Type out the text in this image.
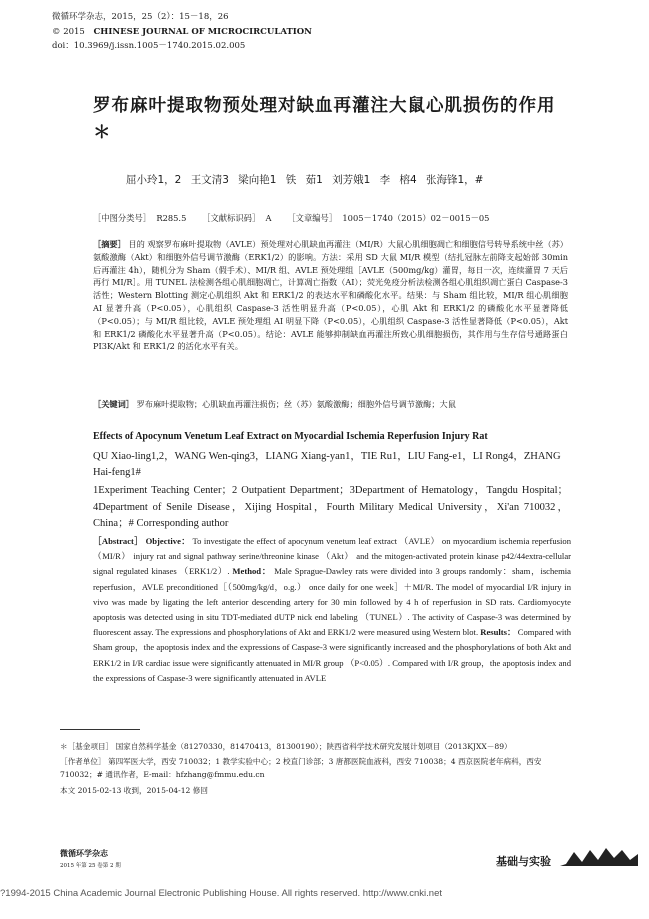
微循环学杂志，2015，25（2）：15－18，26
© 2015 CHINESE JOURNAL OF MICROCIRCULATION
doi：10.3969/j.issn.1005－1740.2015.02.005
罗布麻叶提取物预处理对缺血再灌注大鼠心肌损伤的作用＊
屈小玲1，2 王文清3 梁向艳1 铁 茹1 刘芳娥1 李 榕4 张海锋1，#
［中图分类号］  R285.5      ［文献标识码］  A      ［文章编号］  1005－1740（2015）02－0015－05
［摘要］ 目的 观察罗布麻叶提取物（AVLE）预处理对心肌缺血再灌注（MI/R）大鼠心肌细胞凋亡和细胞信号转导系统中丝（苏）氨酸激酶（Akt）和细胞外信号调节激酶（ERK1/2）的影响。方法：采用 SD 大鼠 MI/R 模型（结扎冠脉左前降支起始部 30min 后再灌注 4h），随机分为 Sham（假手术）、MI/R 组、AVLE 预处理组［AVLE（500mg/kg）灌胃，每日一次，连续灌胃 7 天后再行 MI/R］。用 TUNEL 法检测各组心肌细胞凋亡，计算凋亡指数（AI）；荧光免疫分析法检测各组心肌组织凋亡蛋白 Caspase-3 活性；Western Blotting 测定心肌组织 Akt 和 ERK1/2 的表达水平和磷酸化水平。结果：与 Sham 组比较，MI/R 组心肌细胞 AI 显著升高（P<0.05），心肌组织 Caspase-3 活性明显升高（P<0.05），心肌 Akt 和 ERK1/2 的磷酸化水平显著降低（P<0.05）；与 MI/R 组比较，AVLE 预处理组 AI 明显下降（P<0.05），心肌组织 Caspase-3 活性显著降低（P<0.05），Akt 和 ERK1/2 磷酸化水平显著升高（P<0.05）。结论：AVLE 能够抑制缺血再灌注所致心肌细胞损伤，其作用与生存信号通路蛋白 PI3K/Akt 和 ERK1/2 的活化水平有关。
［关键词］ 罗布麻叶提取物；心肌缺血再灌注损伤；丝（苏）氨酸激酶；细胞外信号调节激酶；大鼠
Effects of Apocynum Venetum Leaf Extract on Myocardial Ischemia Reperfusion Injury Rat
QU Xiao-ling1,2，WANG Wen-qing3，LIANG Xiang-yan1，TIE Ru1，LIU Fang-e1，LI Rong4，ZHANG Hai-feng1#
1Experiment Teaching Center；2 Outpatient Department；3Department of Hematology，Tangdu Hospital；4Department of Senile Disease，Xijing Hospital，Fourth Military Medical University，Xi'an 710032，China；# Corresponding author
［Abstract］ Objective： To investigate the effect of apocynum venetum leaf extract （AVLE） on myocardium ischemia reperfusion（MI/R） injury rat and signal pathway serine/threonine kinase （Akt） and the mitogen-activated protein kinase p42/44extra-cellular signal regulated kinases （ERK1/2）. Method： Male Sprague-Dawley rats were divided into 3 groups randomly：sham，ischemia reperfusion，AVLE preconditioned［（500mg/kg/d，o.g.） once daily for one week］＋MI/R. The model of myocardial I/R injury in vivo was made by ligating the left anterior descending artery for 30 min followed by 4 h of reperfusion in SD rats. Cardiomyocyte apoptosis was detected using in situ TDT-mediated dUTP nick end labeling （TUNEL）. The activity of Caspase-3 was determined by fluorescent assay. The expressions and phosphorylations of Akt and ERK1/2 were measured using Western blot. Results： Compared with Sham group，the apoptosis index and the expressions of Caspase-3 were significantly increased and the phosphorylations of both Akt and ERK1/2 in I/R cardiac issue were significantly attenuated in MI/R group （P<0.05）. Compared with I/R group，the apoptosis index and the expressions of Caspase-3 were significantly attenuated in AVLE
＊［基金项目］ 国家自然科学基金（81270330，81470413，81300190）；陕西省科学技术研究发展计划项目（2013KJXX－89）
［作者单位］ 第四军医大学，西安 710032；1 教学实验中心；2 校直门诊部；3 唐都医院血液科，西安 710038；4 西京医院老年病科，西安 710032；# 通讯作者，E-mail：hfzhang@fmmu.edu.cn
本文 2015-02-13 收到，2015-04-12 修回
微循环学杂志
2015 年第 25 卷第 2 期	基础与实验
?1994-2015 China Academic Journal Electronic Publishing House. All rights reserved. http://www.cnki.net
